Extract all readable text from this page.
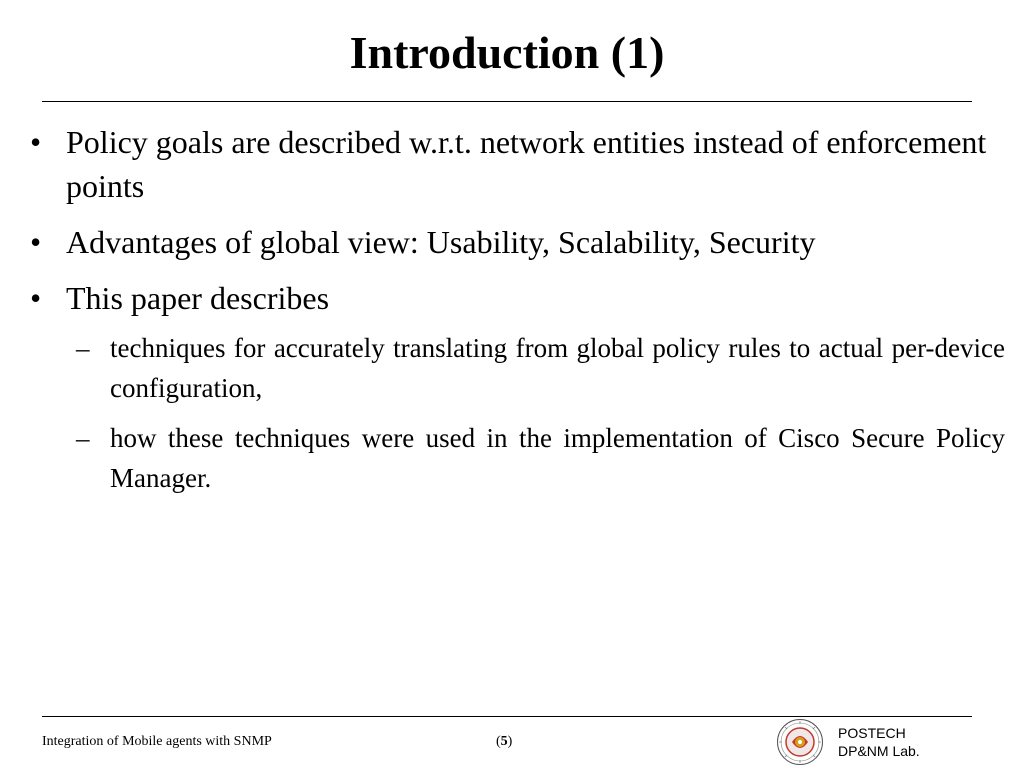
Introduction (1)
• Policy goals are described w.r.t. network entities instead of enforcement points
• Advantages of global view: Usability, Scalability, Security
• This paper describes
– techniques for accurately translating from global policy rules to actual per-device configuration,
– how these techniques were used in the implementation of Cisco Secure Policy Manager.
Integration of Mobile agents with SNMP	(5)
POSTECH
DP&NM Lab.
